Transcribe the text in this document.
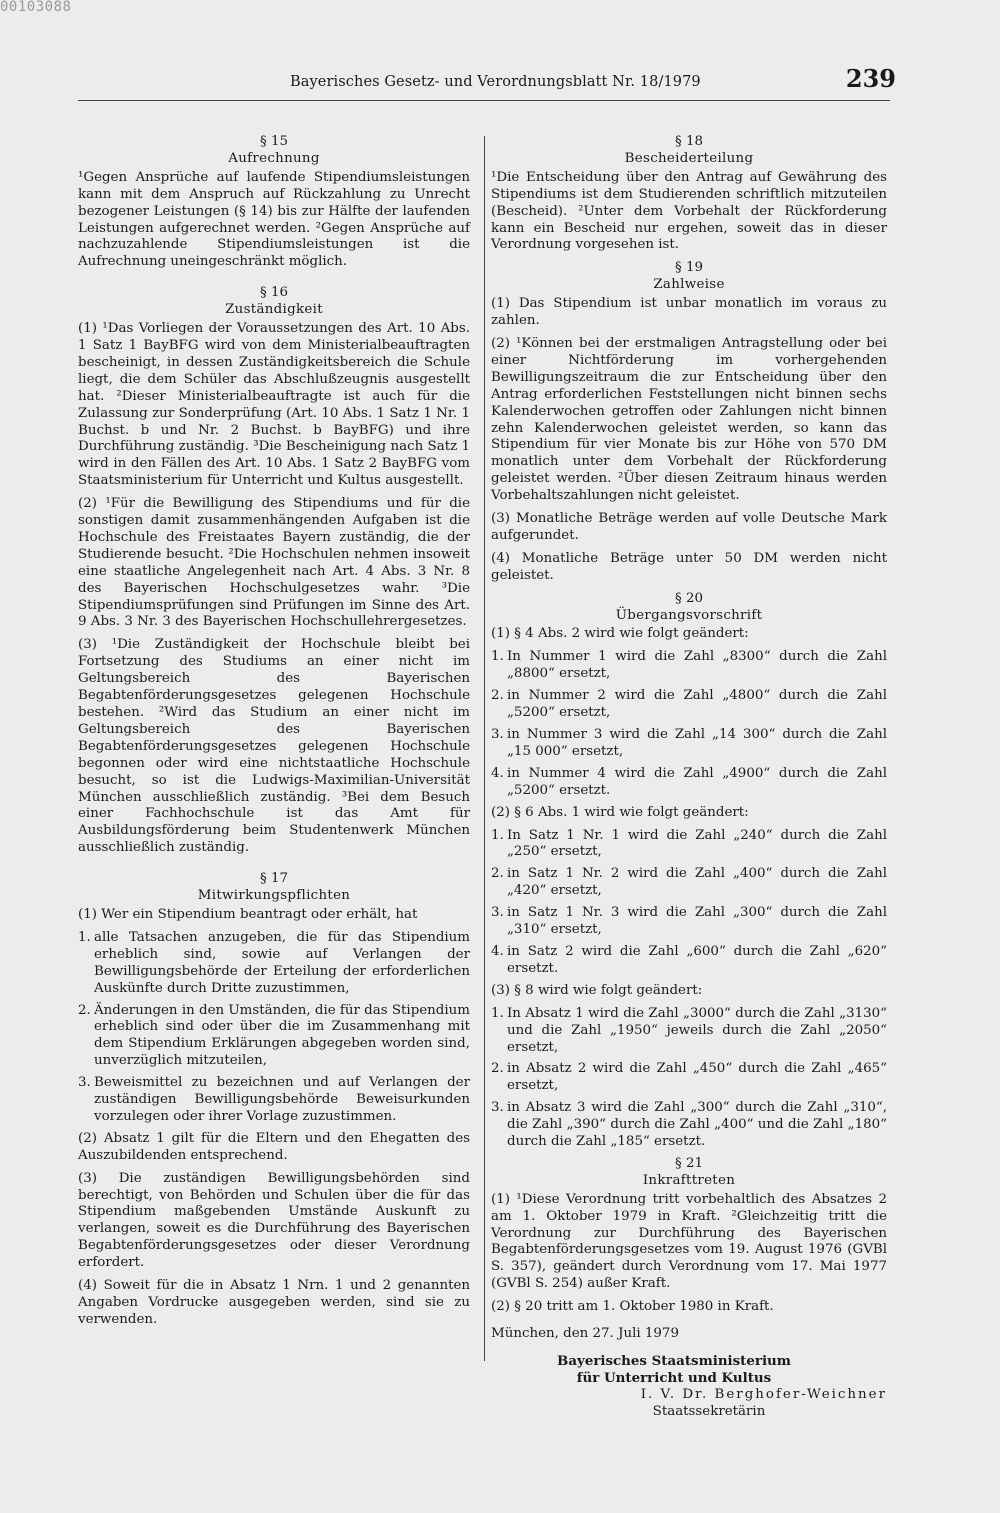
00103088
Bayerisches Gesetz- und Verordnungsblatt Nr. 18/1979	239
§ 15
Aufrechnung

¹Gegen Ansprüche auf laufende Stipendiumsleistungen kann mit dem Anspruch auf Rückzahlung zu Unrecht bezogener Leistungen (§ 14) bis zur Hälfte der laufenden Leistungen aufgerechnet werden. ²Gegen Ansprüche auf nachzuzahlende Stipendiumsleistungen ist die Aufrechnung uneingeschränkt möglich.

§ 16
Zuständigkeit

(1) ¹Das Vorliegen der Voraussetzungen des Art. 10 Abs. 1 Satz 1 BayBFG wird von dem Ministerialbeauftragten bescheinigt, in dessen Zuständigkeitsbereich die Schule liegt, die dem Schüler das Abschlußzeugnis ausgestellt hat. ²Dieser Ministerialbeauftragte ist auch für die Zulassung zur Sonderprüfung (Art. 10 Abs. 1 Satz 1 Nr. 1 Buchst. b und Nr. 2 Buchst. b BayBFG) und ihre Durchführung zuständig. ³Die Bescheinigung nach Satz 1 wird in den Fällen des Art. 10 Abs. 1 Satz 2 BayBFG vom Staatsministerium für Unterricht und Kultus ausgestellt.

(2) ¹Für die Bewilligung des Stipendiums und für die sonstigen damit zusammenhängenden Aufgaben ist die Hochschule des Freistaates Bayern zuständig, die der Studierende besucht. ²Die Hochschulen nehmen insoweit eine staatliche Angelegenheit nach Art. 4 Abs. 3 Nr. 8 des Bayerischen Hochschulgesetzes wahr. ³Die Stipendiumsprüfungen sind Prüfungen im Sinne des Art. 9 Abs. 3 Nr. 3 des Bayerischen Hochschullehrergesetzes.

(3) ¹Die Zuständigkeit der Hochschule bleibt bei Fortsetzung des Studiums an einer nicht im Geltungsbereich des Bayerischen Begabtenförderungsgesetzes gelegenen Hochschule bestehen. ²Wird das Studium an einer nicht im Geltungsbereich des Bayerischen Begabtenförderungsgesetzes gelegenen Hochschule begonnen oder wird eine nichtstaatliche Hochschule besucht, so ist die Ludwigs-Maximilian-Universität München ausschließlich zuständig. ³Bei dem Besuch einer Fachhochschule ist das Amt für Ausbildungsförderung beim Studentenwerk München ausschließlich zuständig.

§ 17
Mitwirkungspflichten

(1) Wer ein Stipendium beantragt oder erhält, hat

1. alle Tatsachen anzugeben, die für das Stipendium erheblich sind, sowie auf Verlangen der Bewilligungsbehörde der Erteilung der erforderlichen Auskünfte durch Dritte zuzustimmen,
2. Änderungen in den Umständen, die für das Stipendium erheblich sind oder über die im Zusammenhang mit dem Stipendium Erklärungen abgegeben worden sind, unverzüglich mitzuteilen,
3. Beweismittel zu bezeichnen und auf Verlangen der zuständigen Bewilligungsbehörde Beweisurkunden vorzulegen oder ihrer Vorlage zuzustimmen.

(2) Absatz 1 gilt für die Eltern und den Ehegatten des Auszubildenden entsprechend.

(3) Die zuständigen Bewilligungsbehörden sind berechtigt, von Behörden und Schulen über die für das Stipendium maßgebenden Umstände Auskunft zu verlangen, soweit es die Durchführung des Bayerischen Begabtenförderungsgesetzes oder dieser Verordnung erfordert.

(4) Soweit für die in Absatz 1 Nrn. 1 und 2 genannten Angaben Vordrucke ausgegeben werden, sind sie zu verwenden.

§ 18
Bescheiderteilung

¹Die Entscheidung über den Antrag auf Gewährung des Stipendiums ist dem Studierenden schriftlich mitzuteilen (Bescheid). ²Unter dem Vorbehalt der Rückforderung kann ein Bescheid nur ergehen, soweit das in dieser Verordnung vorgesehen ist.

§ 19
Zahlweise

(1) Das Stipendium ist unbar monatlich im voraus zu zahlen.

(2) ¹Können bei der erstmaligen Antragstellung oder bei einer Nichtförderung im vorhergehenden Bewilligungszeitraum die zur Entscheidung über den Antrag erforderlichen Feststellungen nicht binnen sechs Kalenderwochen getroffen oder Zahlungen nicht binnen zehn Kalenderwochen geleistet werden, so kann das Stipendium für vier Monate bis zur Höhe von 570 DM monatlich unter dem Vorbehalt der Rückforderung geleistet werden. ²Über diesen Zeitraum hinaus werden Vorbehaltszahlungen nicht geleistet.

(3) Monatliche Beträge werden auf volle Deutsche Mark aufgerundet.

(4) Monatliche Beträge unter 50 DM werden nicht geleistet.

§ 20
Übergangsvorschrift

(1) § 4 Abs. 2 wird wie folgt geändert:

1. In Nummer 1 wird die Zahl „8300“ durch die Zahl „8800“ ersetzt,
2. in Nummer 2 wird die Zahl „4800“ durch die Zahl „5200“ ersetzt,
3. in Nummer 3 wird die Zahl „14 300“ durch die Zahl „15 000“ ersetzt,
4. in Nummer 4 wird die Zahl „4900“ durch die Zahl „5200“ ersetzt.

(2) § 6 Abs. 1 wird wie folgt geändert:

1. In Satz 1 Nr. 1 wird die Zahl „240“ durch die Zahl „250“ ersetzt,
2. in Satz 1 Nr. 2 wird die Zahl „400“ durch die Zahl „420“ ersetzt,
3. in Satz 1 Nr. 3 wird die Zahl „300“ durch die Zahl „310“ ersetzt,
4. in Satz 2 wird die Zahl „600“ durch die Zahl „620“ ersetzt.

(3) § 8 wird wie folgt geändert:

1. In Absatz 1 wird die Zahl „3000“ durch die Zahl „3130“ und die Zahl „1950“ jeweils durch die Zahl „2050“ ersetzt,
2. in Absatz 2 wird die Zahl „450“ durch die Zahl „465“ ersetzt,
3. in Absatz 3 wird die Zahl „300“ durch die Zahl „310“, die Zahl „390“ durch die Zahl „400“ und die Zahl „180“ durch die Zahl „185“ ersetzt.
§ 21
Inkrafttreten

(1) ¹Diese Verordnung tritt vorbehaltlich des Absatzes 2 am 1. Oktober 1979 in Kraft. ²Gleichzeitig tritt die Verordnung zur Durchführung des Bayerischen Begabtenförderungsgesetzes vom 19. August 1976 (GVBl S. 357), geändert durch Verordnung vom 17. Mai 1977 (GVBl S. 254) außer Kraft.

(2) § 20 tritt am 1. Oktober 1980 in Kraft.

München, den 27. Juli 1979

Bayerisches Staatsministerium
für Unterricht und Kultus
I. V. Dr. Berghofer-Weichner
Staatssekretärin
